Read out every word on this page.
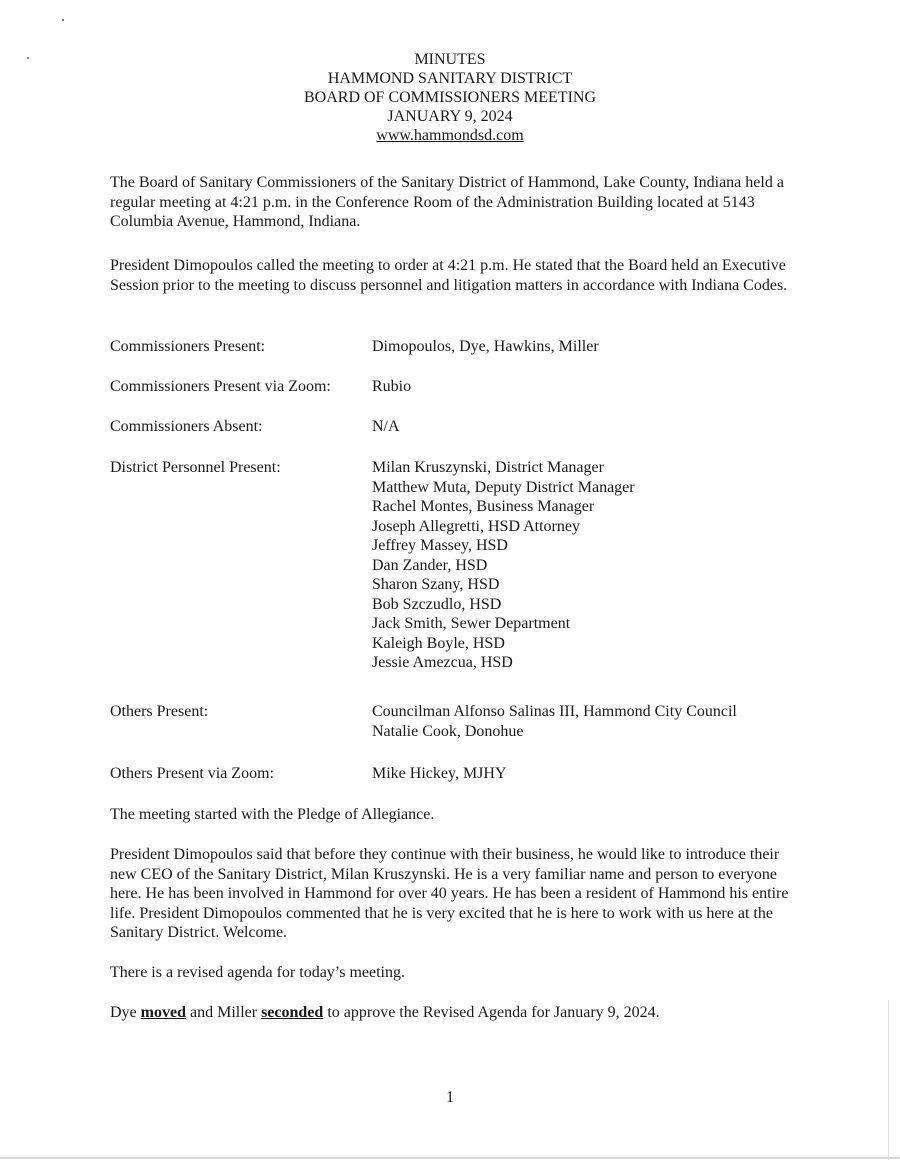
MINUTES
HAMMOND SANITARY DISTRICT
BOARD OF COMMISSIONERS MEETING
JANUARY 9, 2024
www.hammondsd.com
The Board of Sanitary Commissioners of the Sanitary District of Hammond, Lake County, Indiana held a regular meeting at 4:21 p.m. in the Conference Room of the Administration Building located at 5143 Columbia Avenue, Hammond, Indiana.
President Dimopoulos called the meeting to order at 4:21 p.m. He stated that the Board held an Executive Session prior to the meeting to discuss personnel and litigation matters in accordance with Indiana Codes.
Commissioners Present:	Dimopoulos, Dye, Hawkins, Miller
Commissioners Present via Zoom:	Rubio
Commissioners Absent:	N/A
District Personnel Present:	Milan Kruszynski, District Manager
Matthew Muta, Deputy District Manager
Rachel Montes, Business Manager
Joseph Allegretti, HSD Attorney
Jeffrey Massey, HSD
Dan Zander, HSD
Sharon Szany, HSD
Bob Szczudlo, HSD
Jack Smith, Sewer Department
Kaleigh Boyle, HSD
Jessie Amezcua, HSD
Others Present:	Councilman Alfonso Salinas III, Hammond City Council
Natalie Cook, Donohue
Others Present via Zoom:	Mike Hickey, MJHY
The meeting started with the Pledge of Allegiance.
President Dimopoulos said that before they continue with their business, he would like to introduce their new CEO of the Sanitary District, Milan Kruszynski. He is a very familiar name and person to everyone here. He has been involved in Hammond for over 40 years. He has been a resident of Hammond his entire life. President Dimopoulos commented that he is very excited that he is here to work with us here at the Sanitary District. Welcome.
There is a revised agenda for today’s meeting.
Dye moved and Miller seconded to approve the Revised Agenda for January 9, 2024.
1
